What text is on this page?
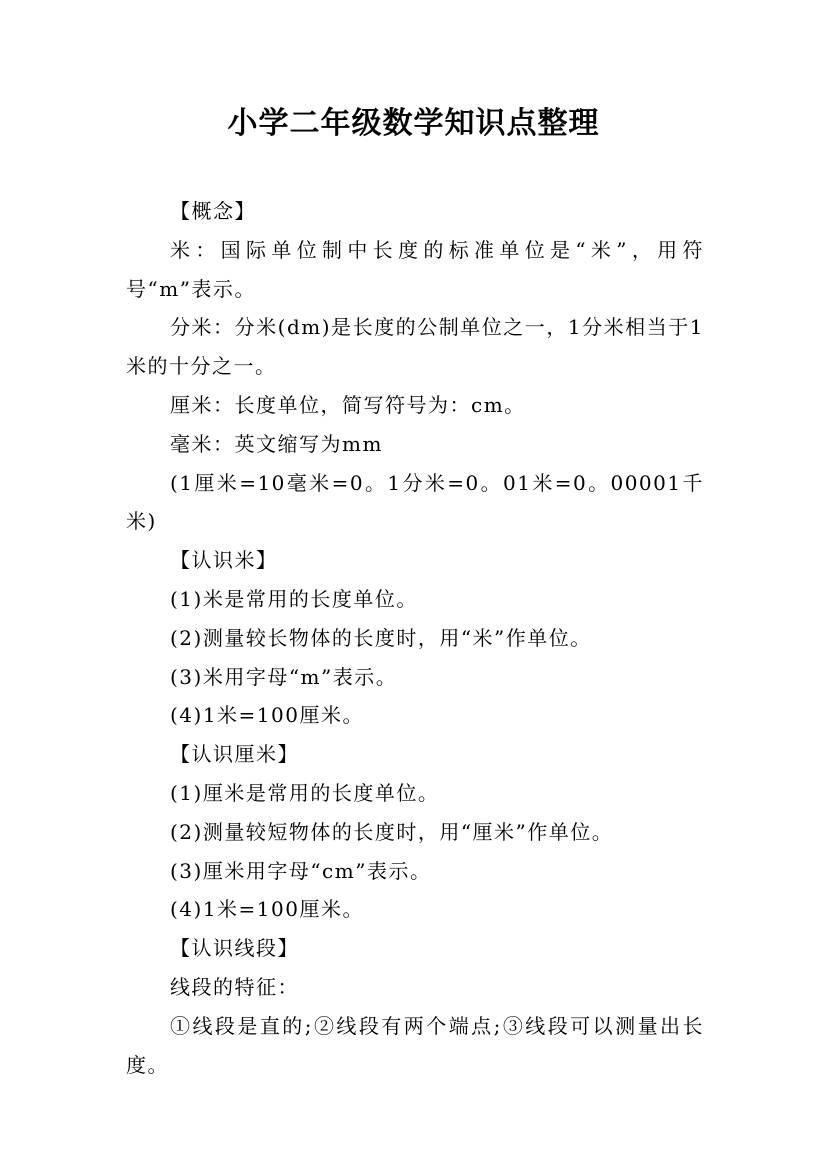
小学二年级数学知识点整理

【概念】

米：国际单位制中长度的标准单位是“米”，用符号“m”表示。

分米：分米(dm)是长度的公制单位之一，1分米相当于1米的十分之一。

厘米：长度单位，简写符号为：cm。

毫米：英文缩写为mm

(1厘米=10毫米=0。1分米=0。01米=0。00001千米)

【认识米】

(1)米是常用的长度单位。

(2)测量较长物体的长度时，用“米”作单位。

(3)米用字母“m”表示。

(4)1米=100厘米。

【认识厘米】

(1)厘米是常用的长度单位。

(2)测量较短物体的长度时，用“厘米”作单位。

(3)厘米用字母“cm”表示。

(4)1米=100厘米。

【认识线段】

线段的特征：

①线段是直的;②线段有两个端点;③线段可以测量出长度。
